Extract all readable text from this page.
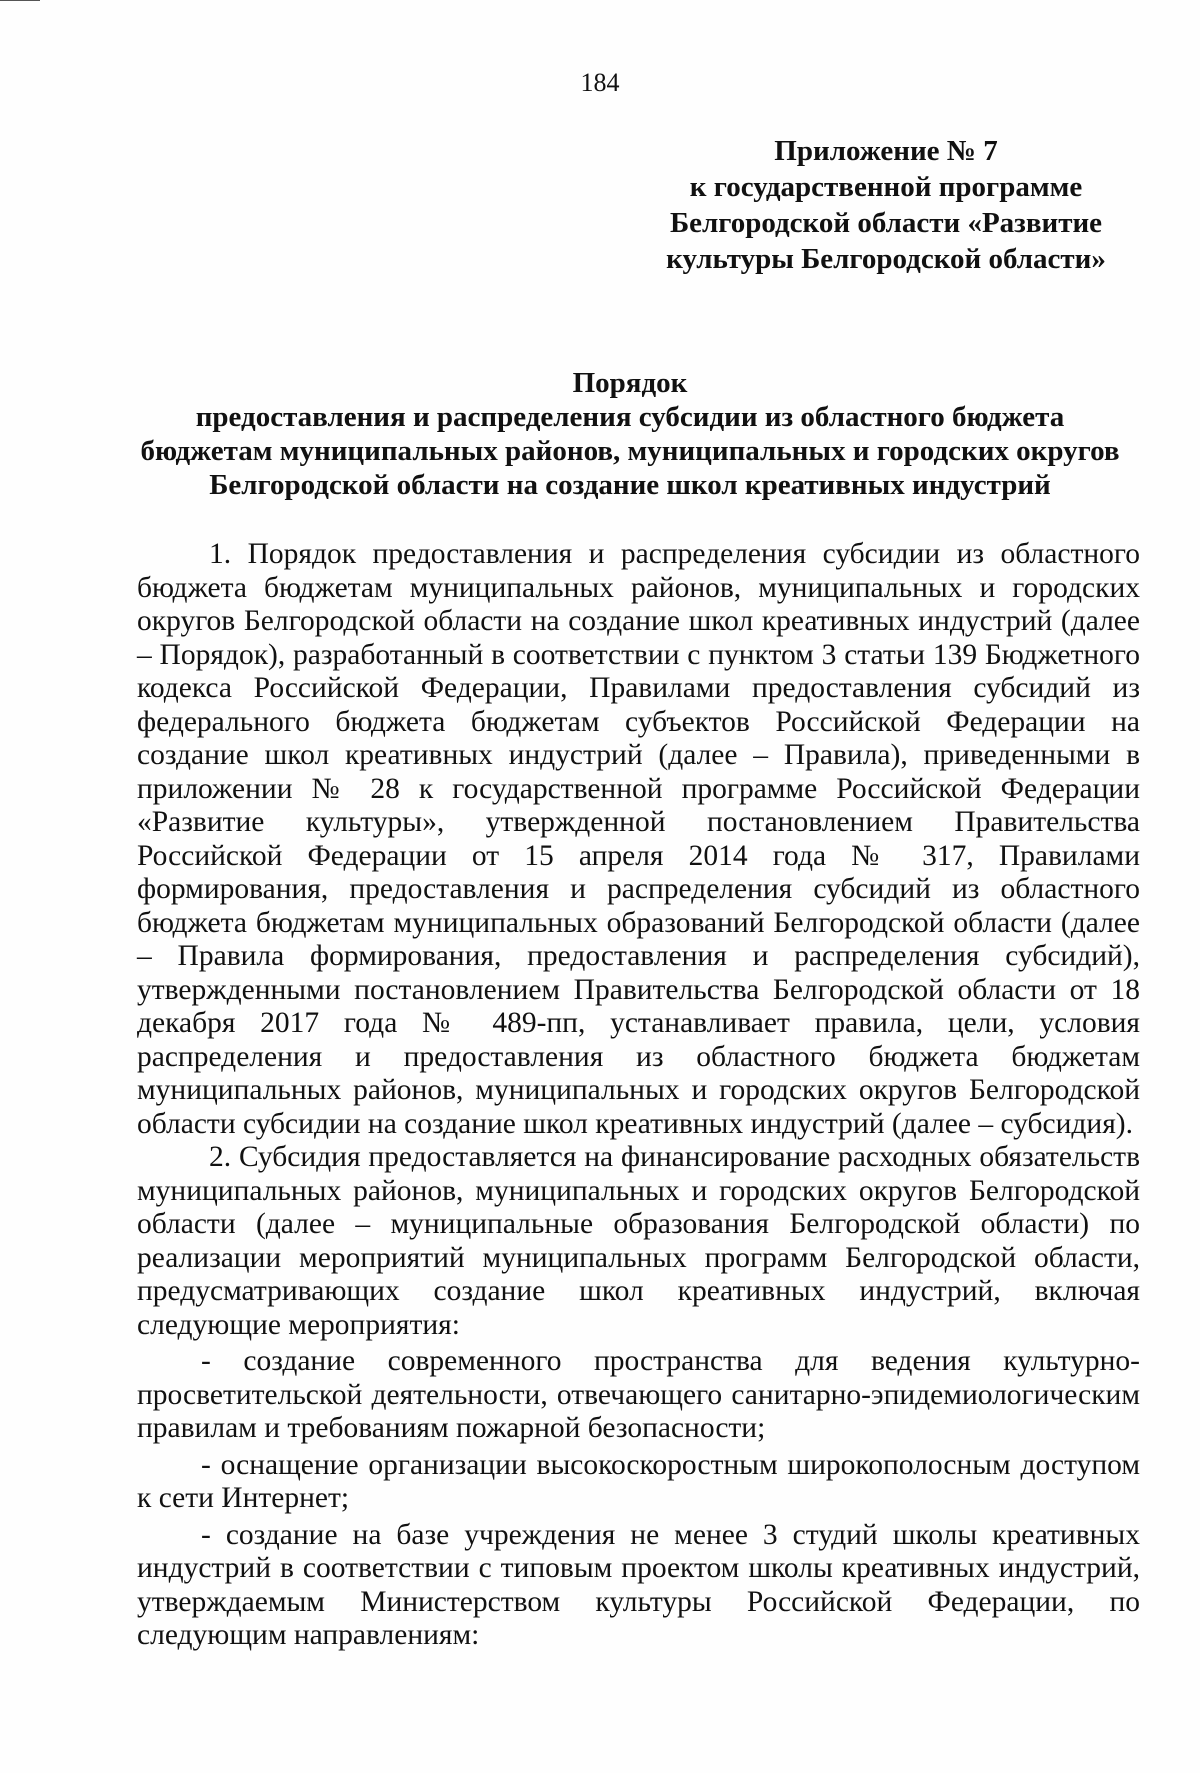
184
Приложение № 7
к государственной программе
Белгородской области «Развитие
культуры Белгородской области»
Порядок
предоставления и распределения субсидии из областного бюджета
бюджетам муниципальных районов, муниципальных и городских округов
Белгородской области на создание школ креативных индустрий

1. Порядок предоставления и распределения субсидии из областного бюджета бюджетам муниципальных районов, муниципальных и городских округов Белгородской области на создание школ креативных индустрий (далее – Порядок), разработанный в соответствии с пунктом 3 статьи 139 Бюджетного кодекса Российской Федерации, Правилами предоставления субсидий из федерального бюджета бюджетам субъектов Российской Федерации на создание школ креативных индустрий (далее – Правила), приведенными в приложении № 28 к государственной программе Российской Федерации «Развитие культуры», утвержденной постановлением Правительства Российской Федерации от 15 апреля 2014 года № 317, Правилами формирования, предоставления и распределения субсидий из областного бюджета бюджетам муниципальных образований Белгородской области (далее – Правила формирования, предоставления и распределения субсидий), утвержденными постановлением Правительства Белгородской области от 18 декабря 2017 года № 489-пп, устанавливает правила, цели, условия распределения и предоставления из областного бюджета бюджетам муниципальных районов, муниципальных и городских округов Белгородской области субсидии на создание школ креативных индустрий (далее – субсидия).

2. Субсидия предоставляется на финансирование расходных обязательств муниципальных районов, муниципальных и городских округов Белгородской области (далее – муниципальные образования Белгородской области) по реализации мероприятий муниципальных программ Белгородской области, предусматривающих создание школ креативных индустрий, включая следующие мероприятия:

- создание современного пространства для ведения культурно-просветительской деятельности, отвечающего санитарно-эпидемиологическим правилам и требованиям пожарной безопасности;

- оснащение организации высокоскоростным широкополосным доступом к сети Интернет;

- создание на базе учреждения не менее 3 студий школы креативных индустрий в соответствии с типовым проектом школы креативных индустрий, утверждаемым Министерством культуры Российской Федерации, по следующим направлениям:
